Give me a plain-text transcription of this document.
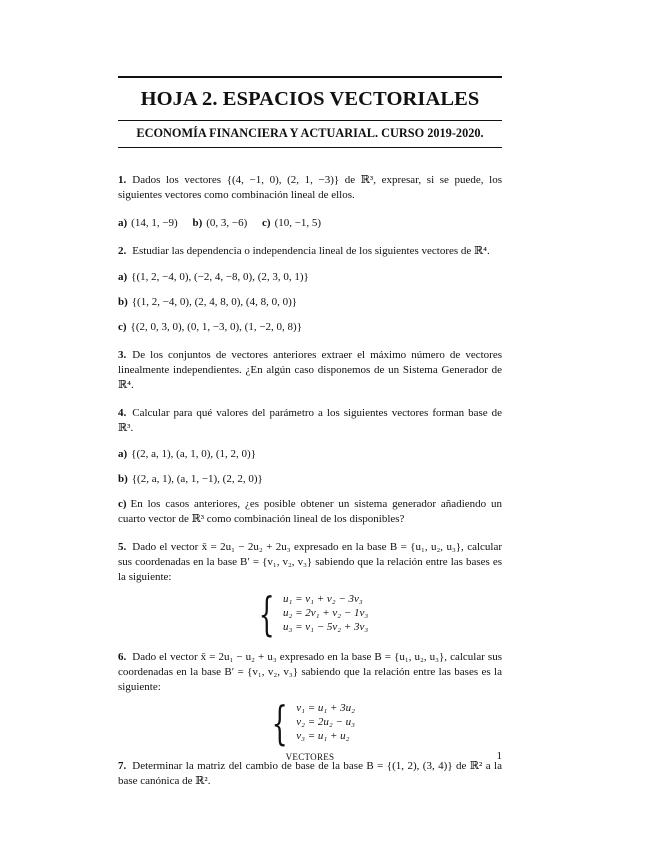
HOJA 2. ESPACIOS VECTORIALES
ECONOMÍA FINANCIERA Y ACTUARIAL. CURSO 2019-2020.

1. Dados los vectores {(4, −1, 0), (2, 1, −3)} de ℝ³, expresar, si se puede, los siguientes vectores como combinación lineal de ellos.

a) (14, 1, −9) b) (0, 3, −6) c) (10, −1, 5)

2. Estudiar las dependencia o independencia lineal de los siguientes vectores de ℝ⁴.

a) {(1, 2, −4, 0), (−2, 4, −8, 0), (2, 3, 0, 1)}
b) {(1, 2, −4, 0), (2, 4, 8, 0), (4, 8, 0, 0)}
c) {(2, 0, 3, 0), (0, 1, −3, 0), (1, −2, 0, 8)}

3. De los conjuntos de vectores anteriores extraer el máximo número de vectores linealmente independientes. ¿En algún caso disponemos de un Sistema Generador de ℝ⁴.

4. Calcular para qué valores del parámetro a los siguientes vectores forman base de ℝ³.

a) {(2, a, 1), (a, 1, 0), (1, 2, 0)}
b) {(2, a, 1), (a, 1, −1), (2, 2, 0)}

c) En los casos anteriores, ¿es posible obtener un sistema generador añadiendo un cuarto vector de ℝ³ como combinación lineal de los disponibles?

5. Dado el vector x̄ = 2u₁ − 2u₂ + 2u₃ expresado en la base B = {u₁, u₂, u₃}, calcular sus coordenadas en la base B′ = {v₁, v₂, v₃} sabiendo que la relación entre las bases es la siguiente:

{ u₁ = v₁ + v₂ − 3v₃
u₂ = 2v₁ + v₂ − 1v₃
u₃ = v₁ − 5v₂ + 3v₃

6. Dado el vector x̄ = 2u₁ − u₂ + u₃ expresado en la base B = {u₁, u₂, u₃}, calcular sus coordenadas en la base B′ = {v₁, v₂, v₃} sabiendo que la relación entre las bases es la siguiente:

{ v₁ = u₁ + 3u₂
v₂ = 2u₂ − u₃
v₃ = u₁ + u₂

7. Determinar la matriz del cambio de base de la base B = {(1, 2), (3, 4)} de ℝ² a la base canónica de ℝ².

VECTORES	1
